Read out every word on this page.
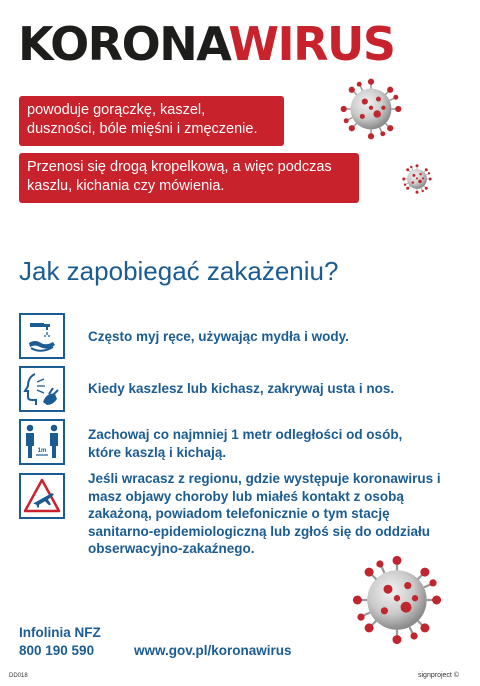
KORONAWIRUS
powoduje gorączkę, kaszel, duszności, bóle mięśni i zmęczenie.
Przenosi się drogą kropelkową, a więc podczas kaszlu, kichania czy mówienia.
Jak zapobiegać zakażeniu?
Często myj ręce, używając mydła i wody.
Kiedy kaszlesz lub kichasz, zakrywaj usta i nos.
1m
Zachowaj co najmniej 1 metr odległości od osób, które kaszlą i kichają.
Jeśli wracasz z regionu, gdzie występuje koronawirus i masz objawy choroby lub miałeś kontakt z osobą zakażoną, powiadom telefonicznie o tym stację sanitarno-epidemiologiczną lub zgłoś się do oddziału obserwacyjno-zakaźnego.
Infolinia NFZ
800 190 590	www.gov.pl/koronawirus
DD018	signproject ©
